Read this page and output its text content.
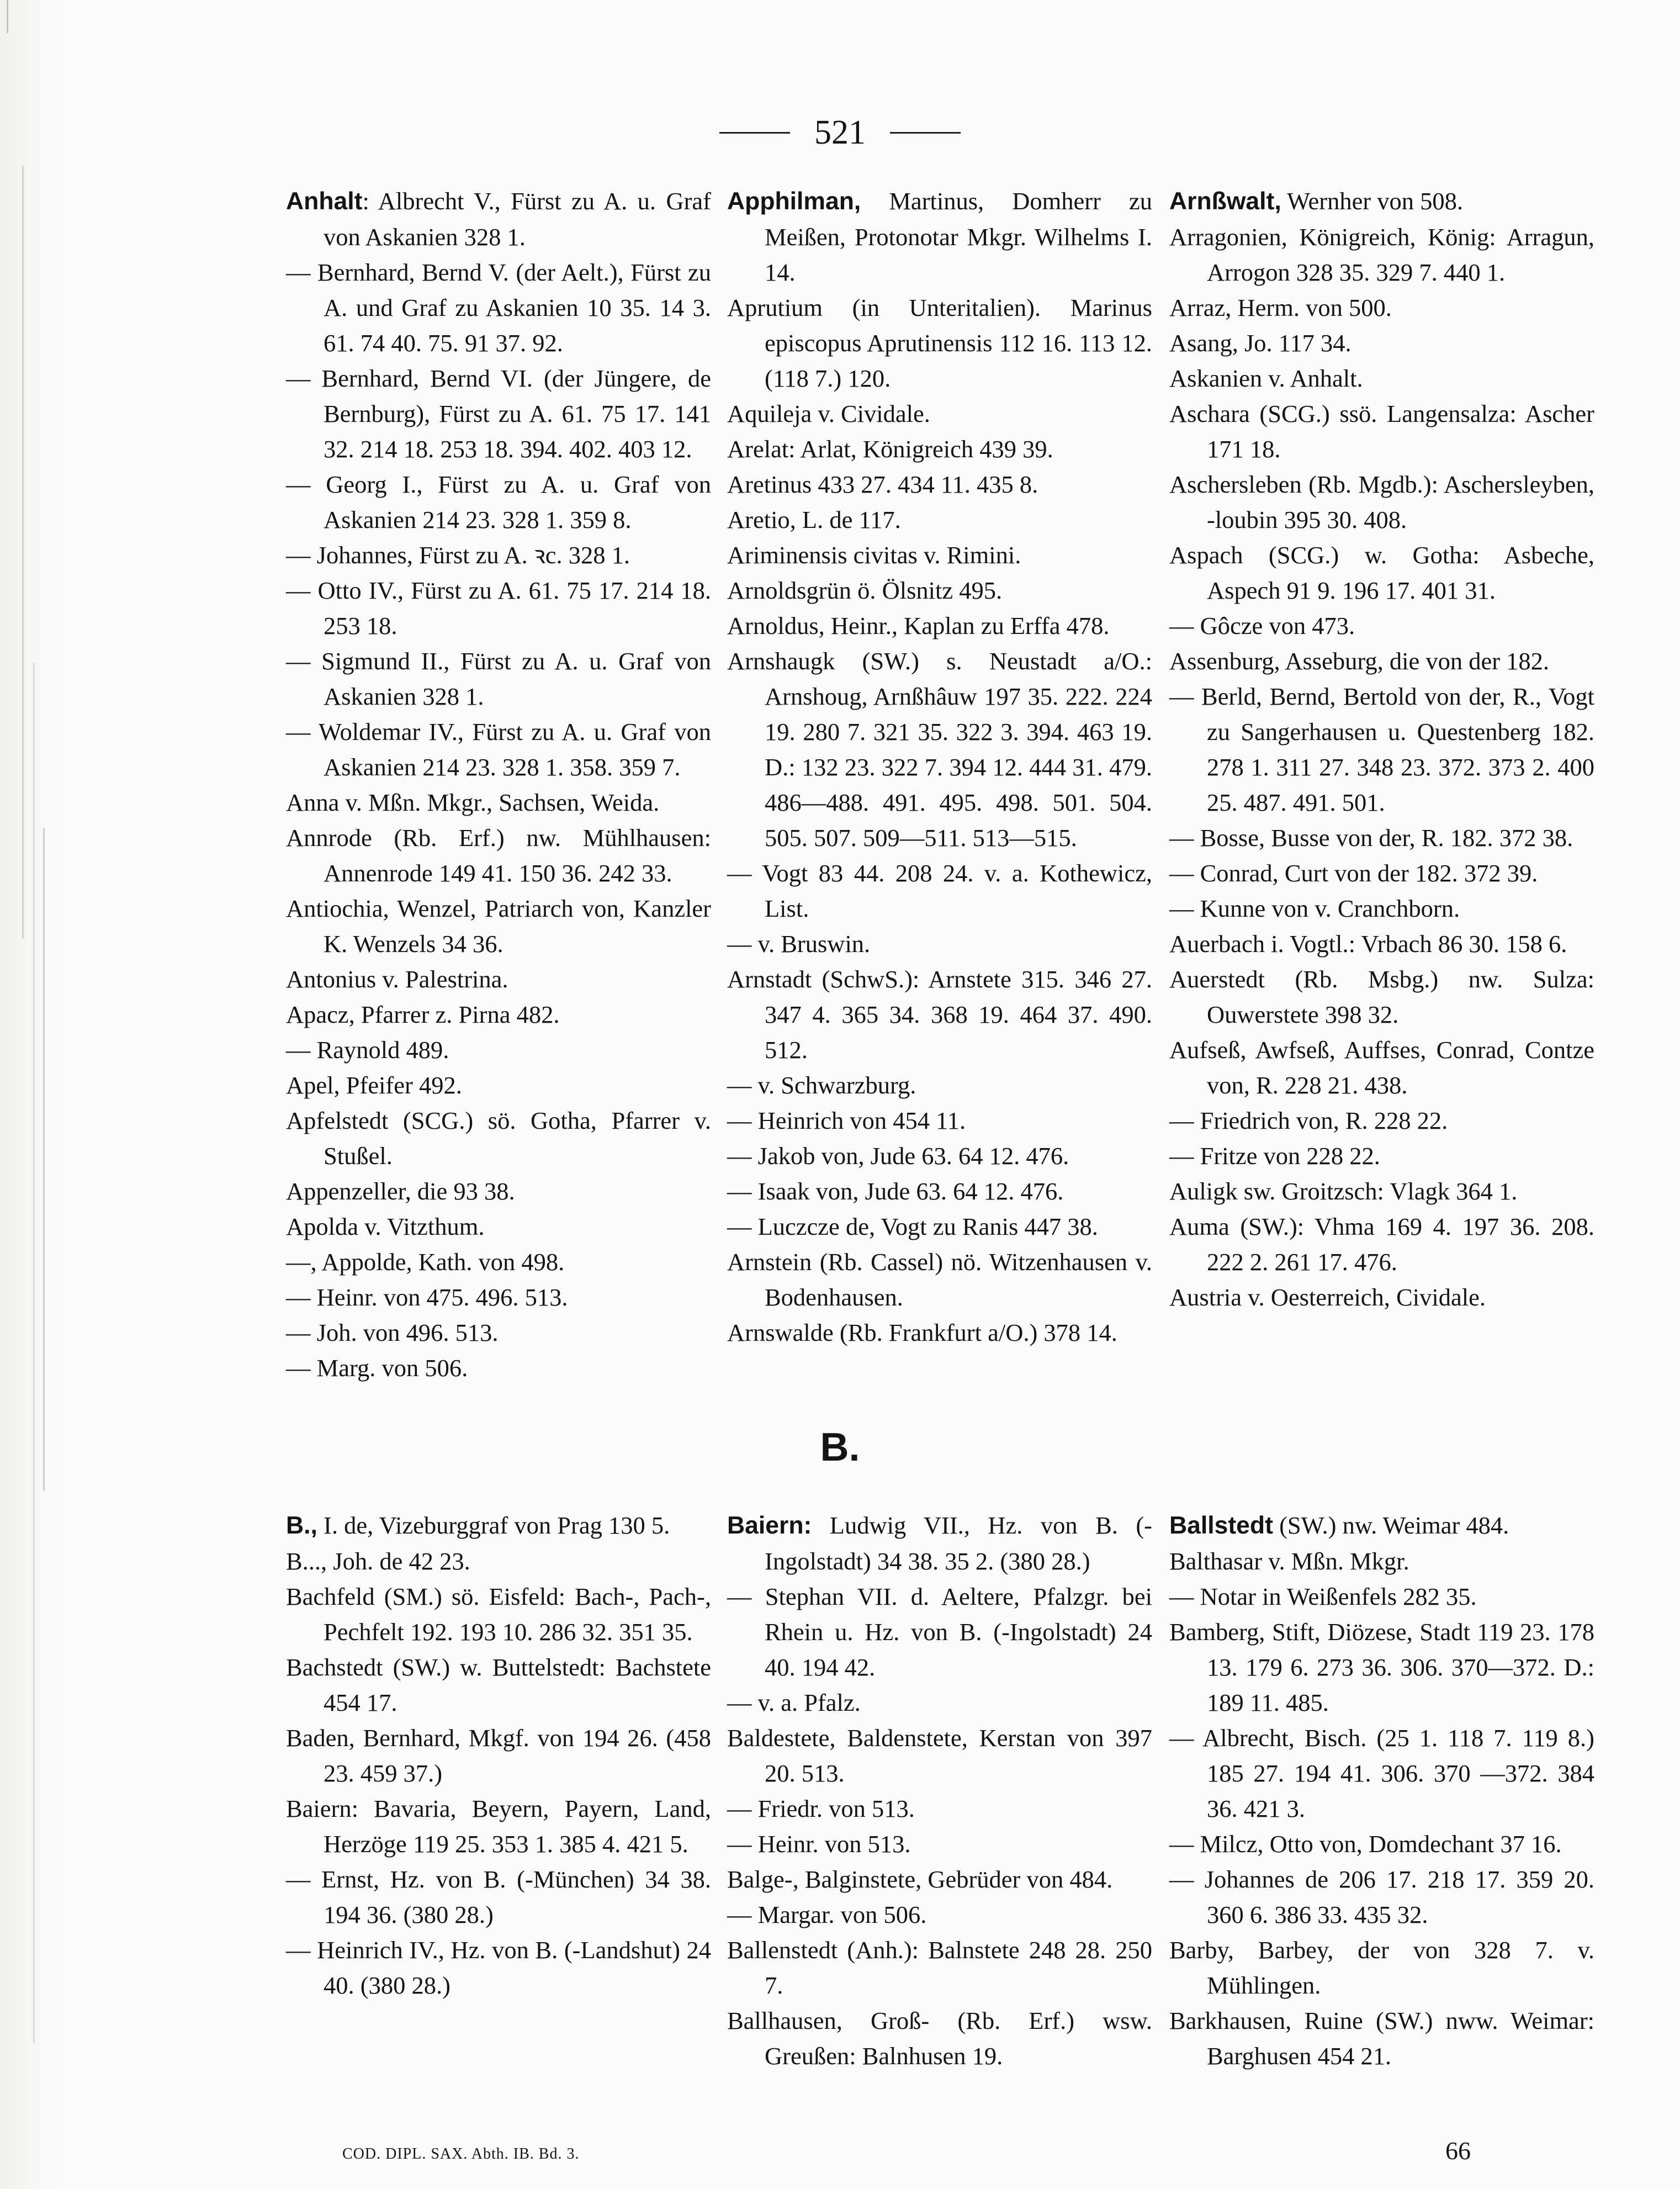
521

Anhalt: Albrecht V., Fürst zu A. u. Graf von Askanien 328 1.

— Bernhard, Bernd V. (der Aelt.), Fürst zu A. und Graf zu Askanien 10 35. 14 3. 61. 74 40. 75. 91 37. 92.

— Bernhard, Bernd VI. (der Jüngere, de Bernburg), Fürst zu A. 61. 75 17. 141 32. 214 18. 253 18. 394. 402. 403 12.

— Georg I., Fürst zu A. u. Graf von Askanien 214 23. 328 1. 359 8.

— Johannes, Fürst zu A. ꝛc. 328 1.

— Otto IV., Fürst zu A. 61. 75 17. 214 18. 253 18.

— Sigmund II., Fürst zu A. u. Graf von Askanien 328 1.

— Woldemar IV., Fürst zu A. u. Graf von Askanien 214 23. 328 1. 358. 359 7.

Anna v. Mßn. Mkgr., Sachsen, Weida.

Annrode (Rb. Erf.) nw. Mühlhausen: Annenrode 149 41. 150 36. 242 33.

Antiochia, Wenzel, Patriarch von, Kanzler K. Wenzels 34 36.

Antonius v. Palestrina.

Apacz, Pfarrer z. Pirna 482.

— Raynold 489.

Apel, Pfeifer 492.

Apfelstedt (SCG.) sö. Gotha, Pfarrer v. Stußel.

Appenzeller, die 93 38.

Apolda v. Vitzthum.

—, Appolde, Kath. von 498.

— Heinr. von 475. 496. 513.

— Joh. von 496. 513.

— Marg. von 506.

Apphilman, Martinus, Domherr zu Meißen, Protonotar Mkgr. Wilhelms I. 14.

Aprutium (in Unteritalien). Marinus episcopus Aprutinensis 112 16. 113 12. (118 7.) 120.

Aquileja v. Cividale.

Arelat: Arlat, Königreich 439 39.

Aretinus 433 27. 434 11. 435 8.

Aretio, L. de 117.

Ariminensis civitas v. Rimini.

Arnoldsgrün ö. Ölsnitz 495.

Arnoldus, Heinr., Kaplan zu Erffa 478.

Arnshaugk (SW.) s. Neustadt a/O.: Arnshoug, Arnßhâuw 197 35. 222. 224 19. 280 7. 321 35. 322 3. 394. 463 19. D.: 132 23. 322 7. 394 12. 444 31. 479. 486—488. 491. 495. 498. 501. 504. 505. 507. 509—511. 513—515.

— Vogt 83 44. 208 24. v. a. Kothewicz, List.

— v. Bruswin.

Arnstadt (SchwS.): Arnstete 315. 346 27. 347 4. 365 34. 368 19. 464 37. 490. 512.

— v. Schwarzburg.

— Heinrich von 454 11.

— Jakob von, Jude 63. 64 12. 476.

— Isaak von, Jude 63. 64 12. 476.

— Luczcze de, Vogt zu Ranis 447 38.

Arnstein (Rb. Cassel) nö. Witzenhausen v. Bodenhausen.

Arnswalde (Rb. Frankfurt a/O.) 378 14.

Arnßwalt, Wernher von 508.

Arragonien, Königreich, König: Arragun, Arrogon 328 35. 329 7. 440 1.

Arraz, Herm. von 500.

Asang, Jo. 117 34.

Askanien v. Anhalt.

Aschara (SCG.) ssö. Langensalza: Ascher 171 18.

Aschersleben (Rb. Mgdb.): Aschersleyben, -loubin 395 30. 408.

Aspach (SCG.) w. Gotha: Asbeche, Aspech 91 9. 196 17. 401 31.

— Gôcze von 473.

Assenburg, Asseburg, die von der 182.

— Berld, Bernd, Bertold von der, R., Vogt zu Sangerhausen u. Questenberg 182. 278 1. 311 27. 348 23. 372. 373 2. 400 25. 487. 491. 501.

— Bosse, Busse von der, R. 182. 372 38.

— Conrad, Curt von der 182. 372 39.

— Kunne von v. Cranchborn.

Auerbach i. Vogtl.: Vrbach 86 30. 158 6.

Auerstedt (Rb. Msbg.) nw. Sulza: Ouwerstete 398 32.

Aufseß, Awfseß, Auffses, Conrad, Contze von, R. 228 21. 438.

— Friedrich von, R. 228 22.

— Fritze von 228 22.

Auligk sw. Groitzsch: Vlagk 364 1.

Auma (SW.): Vhma 169 4. 197 36. 208. 222 2. 261 17. 476.

Austria v. Oesterreich, Cividale.

B.

B., I. de, Vizeburggraf von Prag 130 5.

B..., Joh. de 42 23.

Bachfeld (SM.) sö. Eisfeld: Bach-, Pach-, Pechfelt 192. 193 10. 286 32. 351 35.

Bachstedt (SW.) w. Buttelstedt: Bachstete 454 17.

Baden, Bernhard, Mkgf. von 194 26. (458 23. 459 37.)

Baiern: Bavaria, Beyern, Payern, Land, Herzöge 119 25. 353 1. 385 4. 421 5.

— Ernst, Hz. von B. (-München) 34 38. 194 36. (380 28.)

— Heinrich IV., Hz. von B. (-Landshut) 24 40. (380 28.)

Baiern: Ludwig VII., Hz. von B. (-Ingolstadt) 34 38. 35 2. (380 28.)

— Stephan VII. d. Aeltere, Pfalzgr. bei Rhein u. Hz. von B. (-Ingolstadt) 24 40. 194 42.

— v. a. Pfalz.

Baldestete, Baldenstete, Kerstan von 397 20. 513.

— Friedr. von 513.

— Heinr. von 513.

Balge-, Balginstete, Gebrüder von 484.

— Margar. von 506.

Ballenstedt (Anh.): Balnstete 248 28. 250 7.

Ballhausen, Groß- (Rb. Erf.) wsw. Greußen: Balnhusen 19.

Ballstedt (SW.) nw. Weimar 484.

Balthasar v. Mßn. Mkgr.

— Notar in Weißenfels 282 35.

Bamberg, Stift, Diözese, Stadt 119 23. 178 13. 179 6. 273 36. 306. 370—372. D.: 189 11. 485.

— Albrecht, Bisch. (25 1. 118 7. 119 8.) 185 27. 194 41. 306. 370 —372. 384 36. 421 3.

— Milcz, Otto von, Domdechant 37 16.

— Johannes de 206 17. 218 17. 359 20. 360 6. 386 33. 435 32.

Barby, Barbey, der von 328 7. v. Mühlingen.

Barkhausen, Ruine (SW.) nww. Weimar: Barghusen 454 21.

COD. DIPL. SAX. Abth. IB. Bd. 3.	66
